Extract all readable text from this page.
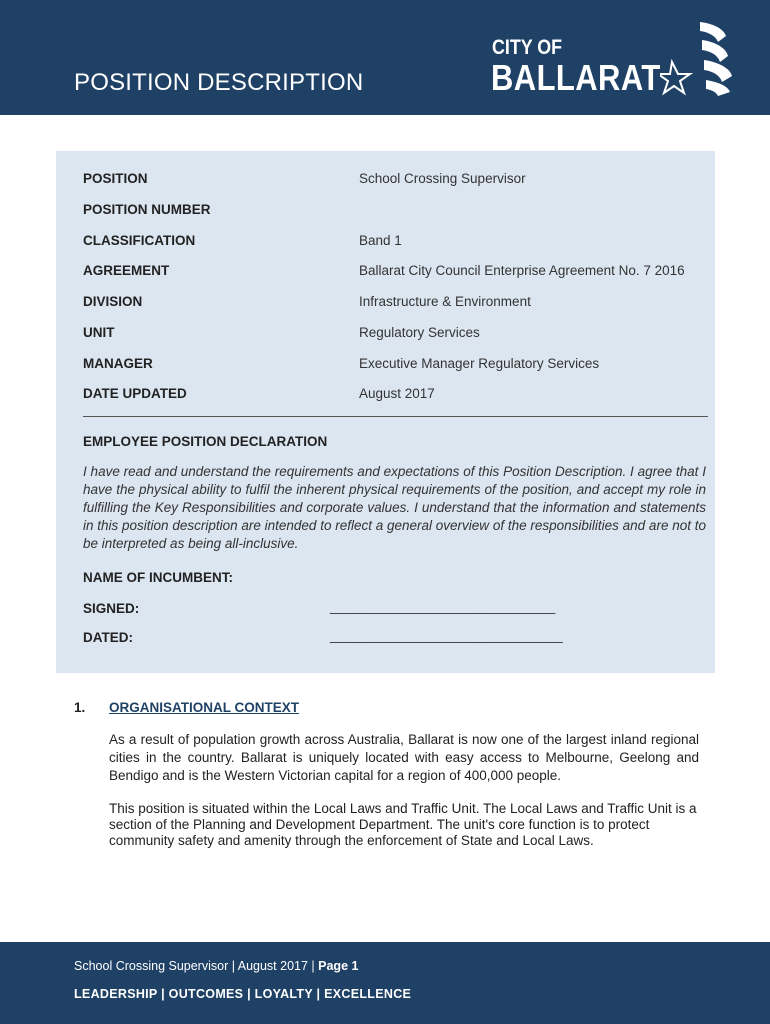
POSITION DESCRIPTION
CITY OF
BALLARAT
POSITION	School Crossing Supervisor
POSITION NUMBER
CLASSIFICATION	Band 1
AGREEMENT	Ballarat City Council Enterprise Agreement No. 7 2016
DIVISION	Infrastructure & Environment
UNIT	Regulatory Services
MANAGER	Executive Manager Regulatory Services
DATE UPDATED	August 2017
EMPLOYEE POSITION DECLARATION
I have read and understand the requirements and expectations of this Position Description. I agree that I have the physical ability to fulfil the inherent physical requirements of the position, and accept my role in fulfilling the Key Responsibilities and corporate values. I understand that the information and statements in this position description are intended to reflect a general overview of the responsibilities and are not to be interpreted as being all-inclusive.
NAME OF INCUMBENT:
SIGNED:	______________________________
DATED:	_______________________________
1. ORGANISATIONAL CONTEXT
As a result of population growth across Australia, Ballarat is now one of the largest inland regional cities in the country. Ballarat is uniquely located with easy access to Melbourne, Geelong and Bendigo and is the Western Victorian capital for a region of 400,000 people.
This position is situated within the Local Laws and Traffic Unit. The Local Laws and Traffic Unit is a section of the Planning and Development Department. The unit's core function is to protect community safety and amenity through the enforcement of State and Local Laws.
School Crossing Supervisor | August 2017 | Page 1
LEADERSHIP | OUTCOMES | LOYALTY | EXCELLENCE
